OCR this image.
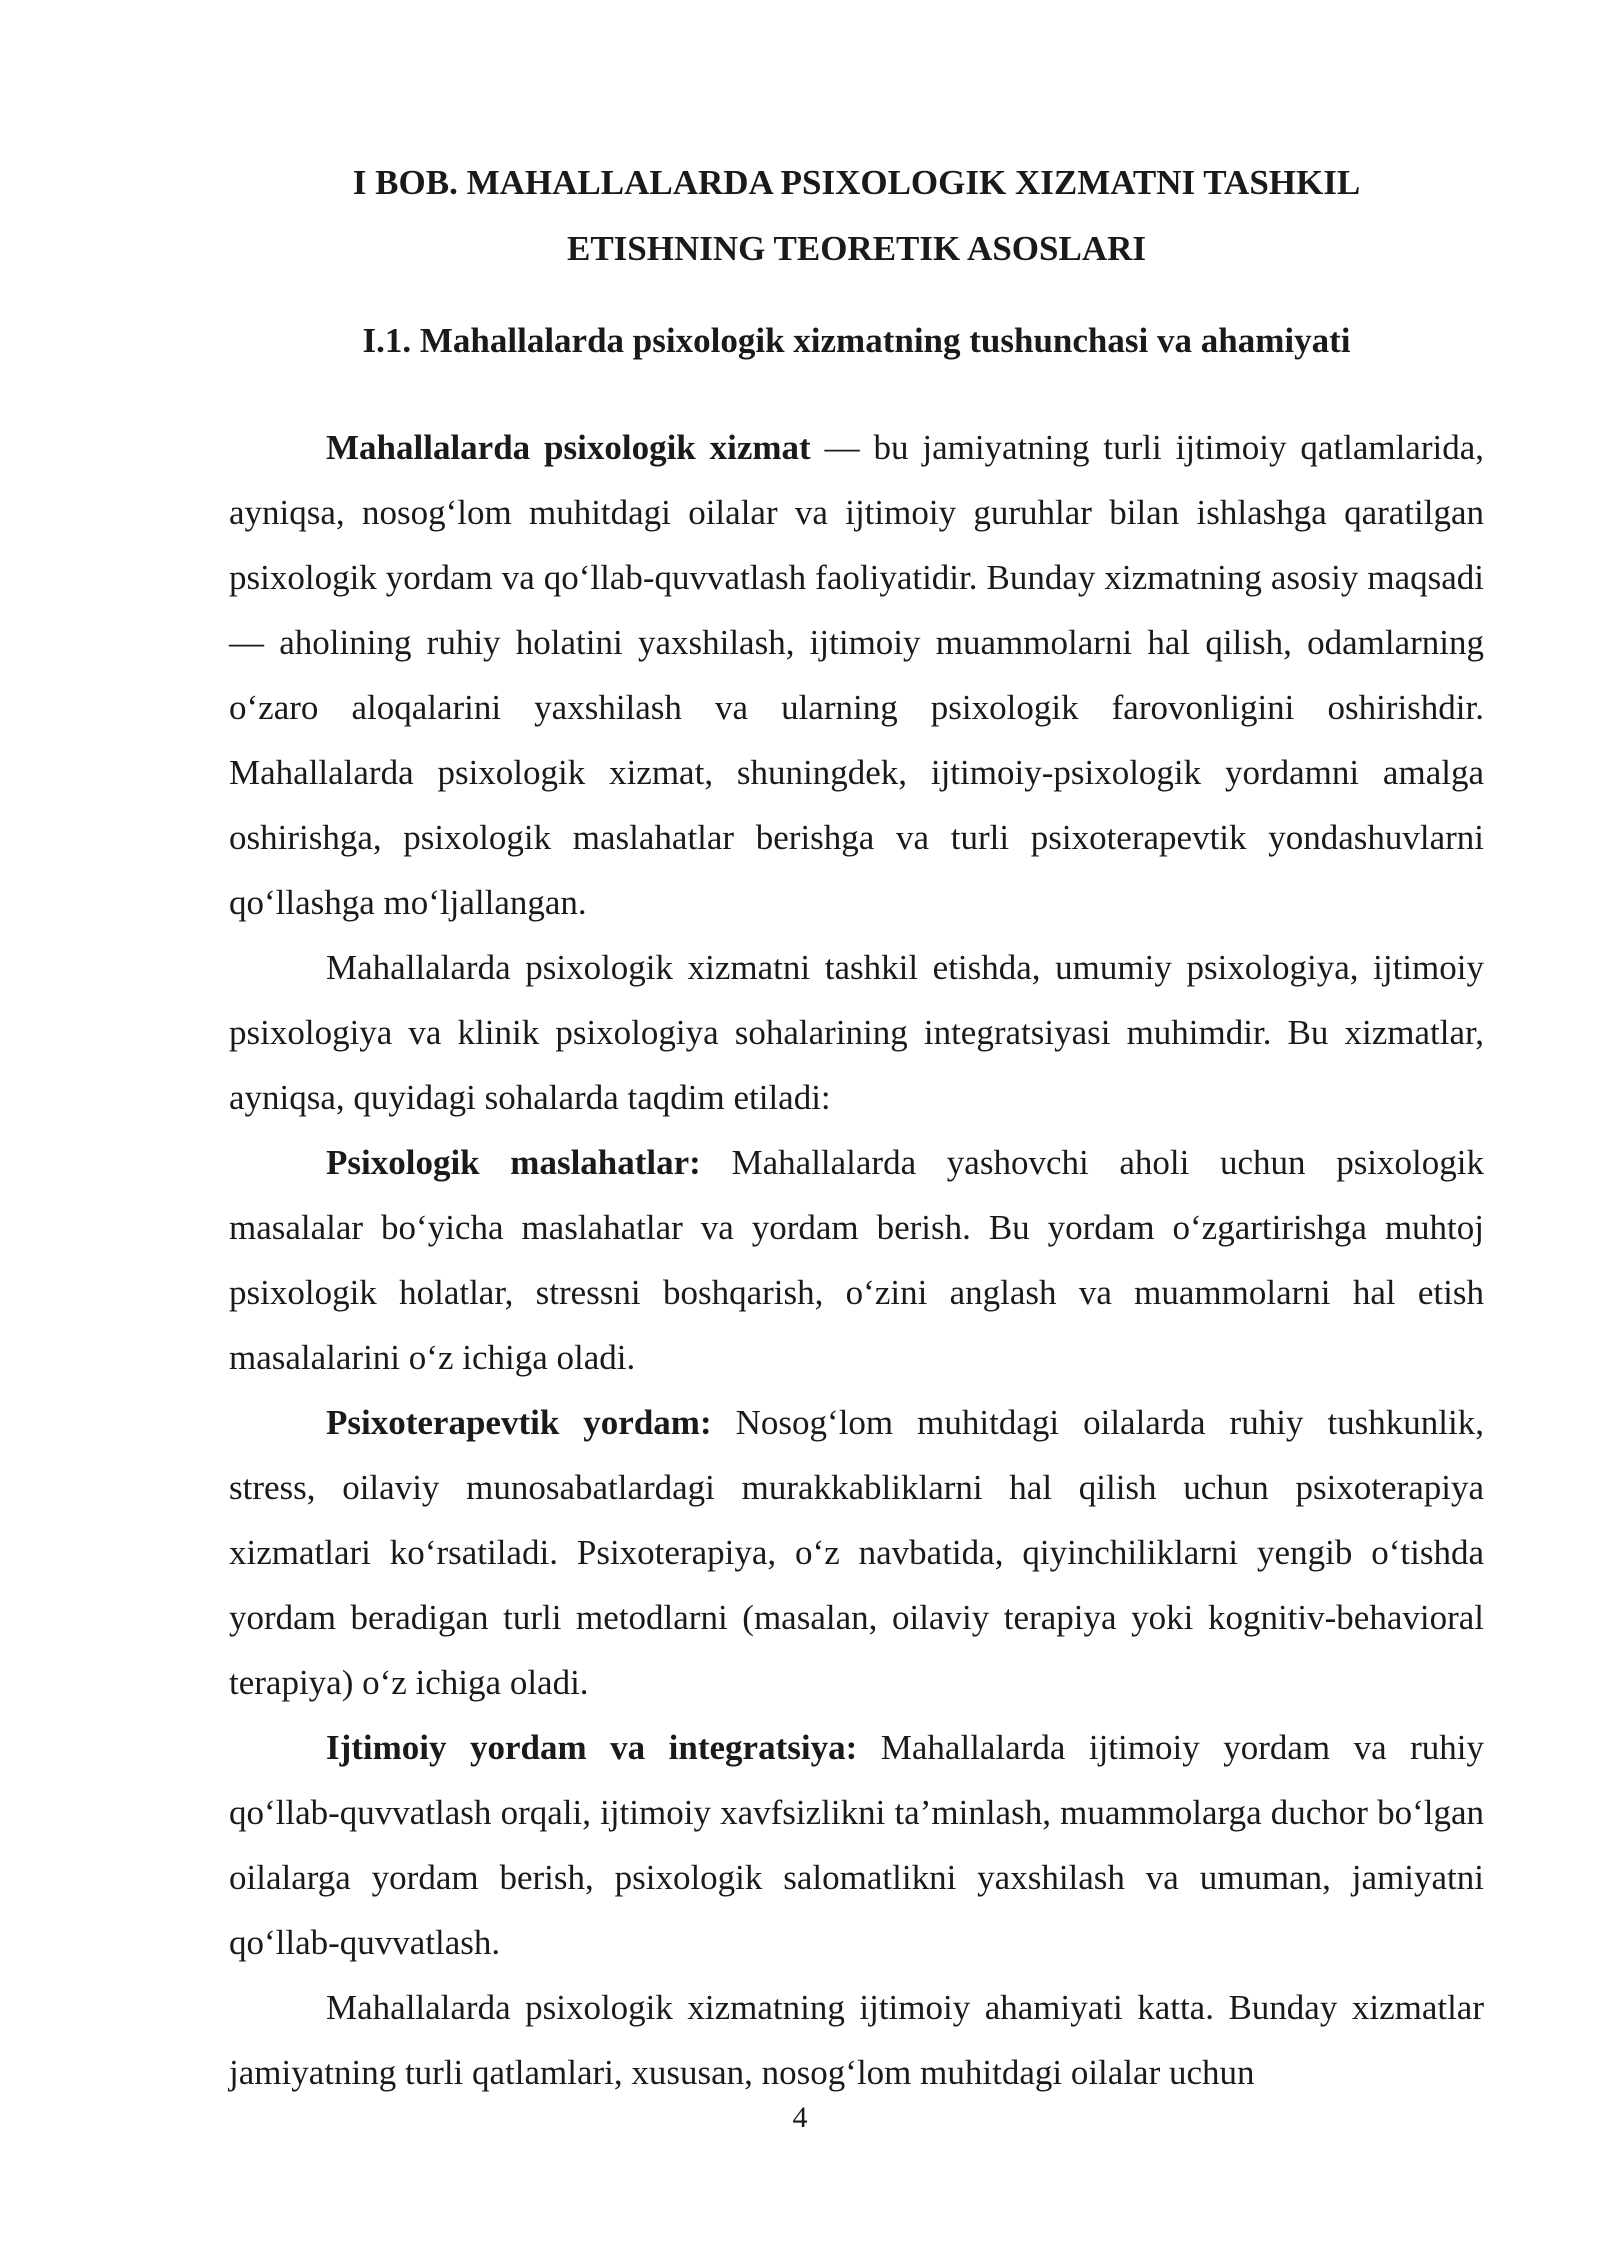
I BOB. MAHALLALARDA PSIXOLOGIK XIZMATNI TASHKIL
ETISHNING TEORETIK ASOSLARI
I.1. Mahallalarda psixologik xizmatning tushunchasi va ahamiyati

Mahallalarda psixologik xizmat — bu jamiyatning turli ijtimoiy qatlamlarida, ayniqsa, nosog‘lom muhitdagi oilalar va ijtimoiy guruhlar bilan ishlashga qaratilgan psixologik yordam va qo‘llab-quvvatlash faoliyatidir. Bunday xizmatning asosiy maqsadi — aholining ruhiy holatini yaxshilash, ijtimoiy muammolarni hal qilish, odamlarning o‘zaro aloqalarini yaxshilash va ularning psixologik farovonligini oshirishdir. Mahallalarda psixologik xizmat, shuningdek, ijtimoiy-psixologik yordamni amalga oshirishga, psixologik maslahatlar berishga va turli psixoterapevtik yondashuvlarni qo‘llashga mo‘ljallangan.

Mahallalarda psixologik xizmatni tashkil etishda, umumiy psixologiya, ijtimoiy psixologiya va klinik psixologiya sohalarining integratsiyasi muhimdir. Bu xizmatlar, ayniqsa, quyidagi sohalarda taqdim etiladi:

Psixologik maslahatlar: Mahallalarda yashovchi aholi uchun psixologik masalalar bo‘yicha maslahatlar va yordam berish. Bu yordam o‘zgartirishga muhtoj psixologik holatlar, stressni boshqarish, o‘zini anglash va muammolarni hal etish masalalarini o‘z ichiga oladi.

Psixoterapevtik yordam: Nosog‘lom muhitdagi oilalarda ruhiy tushkunlik, stress, oilaviy munosabatlardagi murakkabliklarni hal qilish uchun psixoterapiya xizmatlari ko‘rsatiladi. Psixoterapiya, o‘z navbatida, qiyinchiliklarni yengib o‘tishda yordam beradigan turli metodlarni (masalan, oilaviy terapiya yoki kognitiv-behavioral terapiya) o‘z ichiga oladi.

Ijtimoiy yordam va integratsiya: Mahallalarda ijtimoiy yordam va ruhiy qo‘llab-quvvatlash orqali, ijtimoiy xavfsizlikni ta’minlash, muammolarga duchor bo‘lgan oilalarga yordam berish, psixologik salomatlikni yaxshilash va umuman, jamiyatni qo‘llab-quvvatlash.

Mahallalarda psixologik xizmatning ijtimoiy ahamiyati katta. Bunday xizmatlar jamiyatning turli qatlamlari, xususan, nosog‘lom muhitdagi oilalar uchun

4
